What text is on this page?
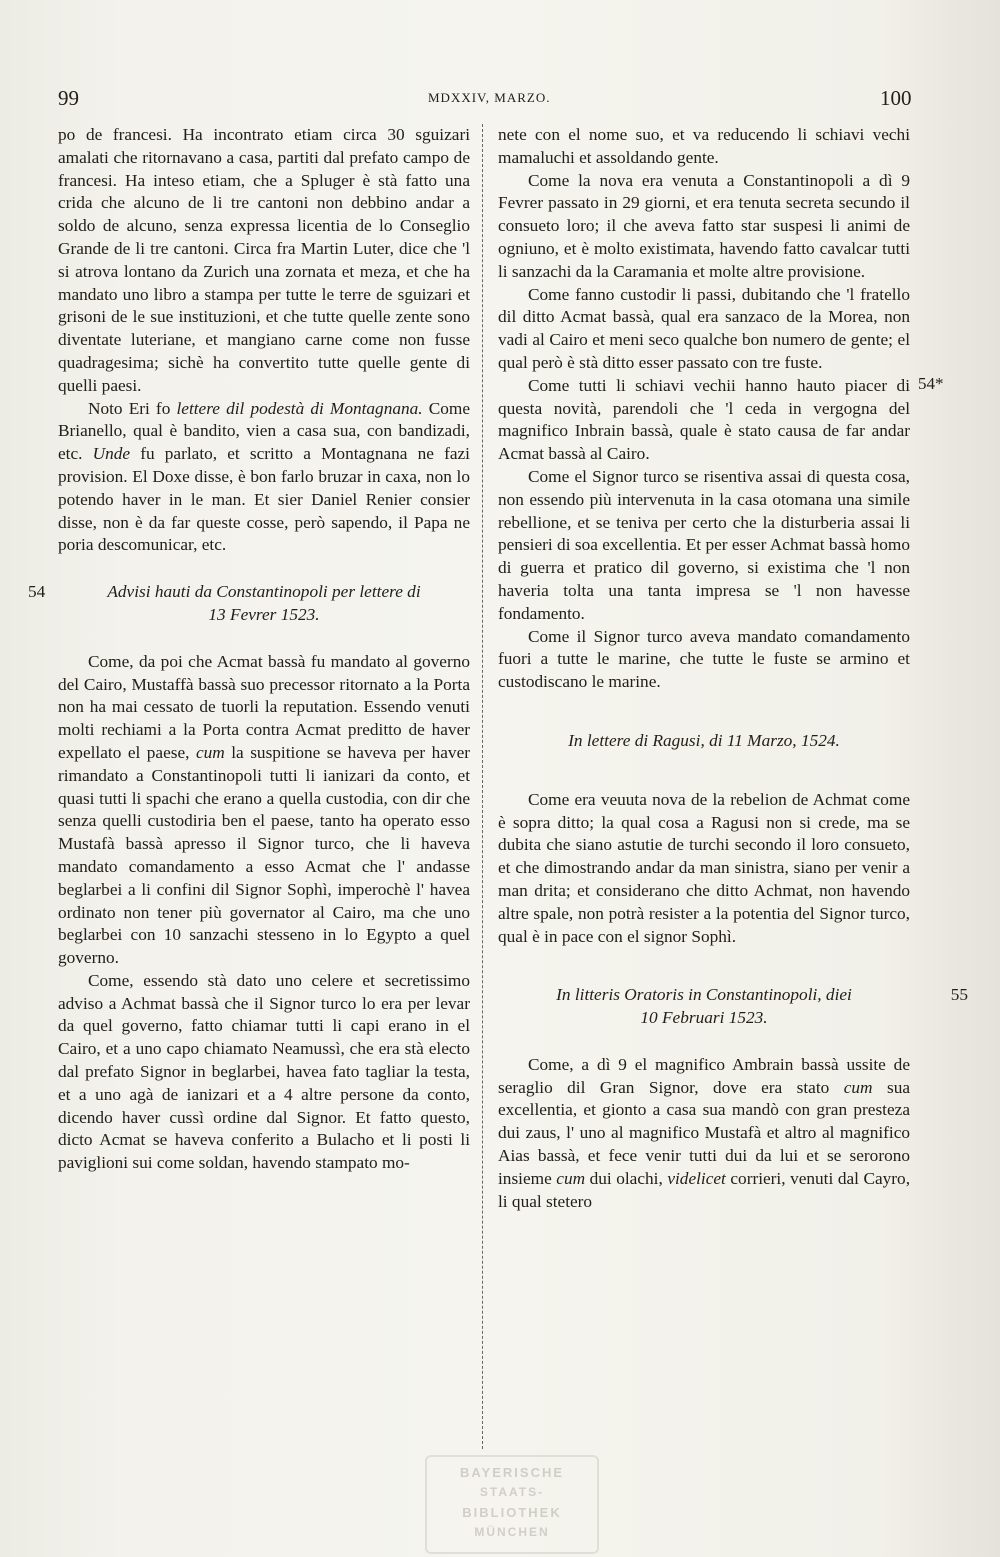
99	MDXXIV, MARZO.	100

po de francesi. Ha incontrato etiam circa 30 sguizari amalati che ritornavano a casa, partiti dal prefato campo de francesi. Ha inteso etiam, che a Spluger è stà fatto una crida che alcuno de li tre cantoni non debbino andar a soldo de alcuno, senza expressa licentia de lo Conseglio Grande de li tre cantoni. Circa fra Martin Luter, dice che 'l si atrova lontano da Zurich una zornata et meza, et che ha mandato uno libro a stampa per tutte le terre de sguizari et grisoni de le sue instituzioni, et che tutte quelle zente sono diventate luteriane, et mangiano carne come non fusse quadragesima; sichè ha convertito tutte quelle gente di quelli paesi.

Noto Eri fo lettere dil podestà di Montagnana. Come Brianello, qual è bandito, vien a casa sua, con bandizadi, etc. Unde fu parlato, et scritto a Montagnana ne fazi provision. El Doxe disse, è bon farlo bruzar in caxa, non lo potendo haver in le man. Et sier Daniel Renier consier disse, non è da far queste cosse, però sapendo, il Papa ne poria descomunicar, etc.

54	Advisi hauti da Constantinopoli per lettere di
13 Fevrer 1523.

Come, da poi che Acmat bassà fu mandato al governo del Cairo, Mustaffà bassà suo precessor ritornato a la Porta non ha mai cessato de tuorli la reputation. Essendo venuti molti rechiami a la Porta contra Acmat preditto de haver expellato el paese, cum la suspitione se haveva per haver rimandato a Constantinopoli tutti li ianizari da conto, et quasi tutti li spachi che erano a quella custodia, con dir che senza quelli custodiria ben el paese, tanto ha operato esso Mustafà bassà apresso il Signor turco, che li haveva mandato comandamento a esso Acmat che l' andasse beglarbei a li confini dil Signor Sophì, imperochè l' havea ordinato non tener più governator al Cairo, ma che uno beglarbei con 10 sanzachi stesseno in lo Egypto a quel governo.

Come, essendo stà dato uno celere et secretissimo adviso a Achmat bassà che il Signor turco lo era per levar da quel governo, fatto chiamar tutti li capi erano in el Cairo, et a uno capo chiamato Neamussì, che era stà electo dal prefato Signor in beglarbei, havea fato tagliar la testa, et a uno agà de ianizari et a 4 altre persone da conto, dicendo haver cussì ordine dal Signor. Et fatto questo, dicto Acmat se haveva conferito a Bulacho et li posti li paviglioni sui come soldan, havendo stampato mo-

nete con el nome suo, et va reducendo li schiavi vechi mamaluchi et assoldando gente.

Come la nova era venuta a Constantinopoli a dì 9 Fevrer passato in 29 giorni, et era tenuta secreta secundo il consueto loro; il che aveva fatto star suspesi li animi de ogniuno, et è molto existimata, havendo fatto cavalcar tutti li sanzachi da la Caramania et molte altre provisione.

Come fanno custodir li passi, dubitando che 'l fratello dil ditto Acmat bassà, qual era sanzaco de la Morea, non vadi al Cairo et meni seco qualche bon numero de gente; el qual però è stà ditto esser passato con tre fuste.

Come tutti li schiavi vechii hanno hauto piacer di questa novità, parendoli che 'l ceda in vergogna del magnifico Inbrain bassà, quale è stato causa de far andar Acmat bassà al Cairo.

Come el Signor turco se risentiva assai di questa cosa, non essendo più intervenuta in la casa otomana una simile rebellione, et se teniva per certo che la disturberia assai li pensieri di soa excellentia. Et per esser Achmat bassà homo di guerra et pratico dil governo, si existima che 'l non haveria tolta una tanta impresa se 'l non havesse fondamento.

Come il Signor turco aveva mandato comandamento fuori a tutte le marine, che tutte le fuste se armino et custodiscano le marine.

In lettere di Ragusi, di 11 Marzo, 1524.

Come era veuuta nova de la rebelion de Achmat come è sopra ditto; la qual cosa a Ragusi non si crede, ma se dubita che siano astutie de turchi secondo il loro consueto, et che dimostrando andar da man sinistra, siano per venir a man drita; et considerano che ditto Achmat, non havendo altre spale, non potrà resister a la potentia del Signor turco, qual è in pace con el signor Sophì.

55
In litteris Oratoris in Constantinopoli, diei
10 Februari 1523.

Come, a dì 9 el magnifico Ambrain bassà ussite de seraglio dil Gran Signor, dove era stato cum sua excellentia, et gionto a casa sua mandò con gran presteza dui zaus, l' uno al magnifico Mustafà et altro al magnifico Aias bassà, et fece venir tutti dui da lui et se serorono insieme cum dui olachi, videlicet corrieri, venuti dal Cayro, li qual stetero

54*
BAYERISCHE
STAATS-
BIBLIOTHEK
MÜNCHEN
